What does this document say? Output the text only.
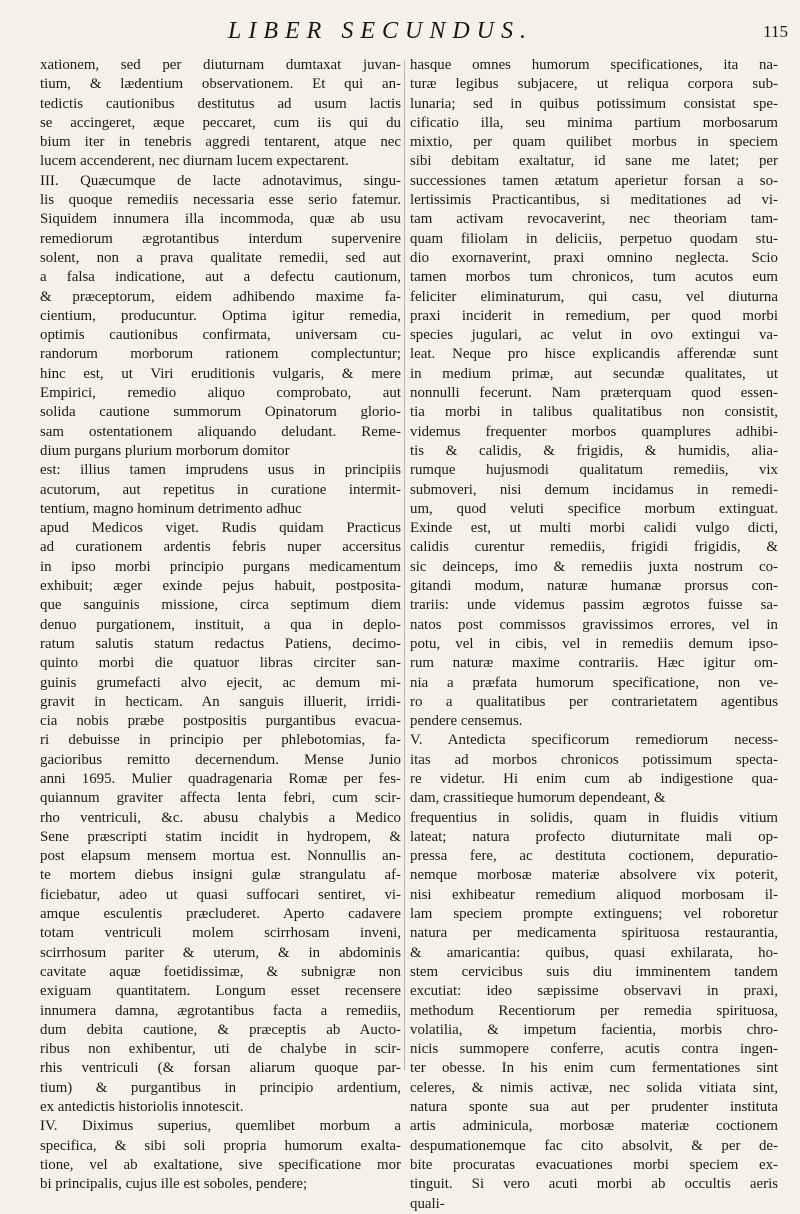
LIBER SECUNDUS.	115
xationem, sed per diuturnam dumtaxat juvan-
tium, & lædentium observationem. Et qui an-
tedictis cautionibus destitutus ad usum lactis
se accingeret, æque peccaret, cum iis qui du
bium iter in tenebris aggredi tentarent, atque nec
lucem accenderent, nec diurnam lucem expectarent.
III. Quæcumque de lacte adnotavimus, singu-
lis quoque remediis necessaria esse serio fatemur.
Siquidem innumera illa incommoda, quæ ab usu
remediorum ægrotantibus interdum supervenire
solent, non a prava qualitate remedii, sed aut
a falsa indicatione, aut a defectu cautionum,
& præceptorum, eidem adhibendo maxime fa-
cientium, producuntur. Optima igitur remedia,
optimis cautionibus confirmata, universam cu-
randorum morborum rationem complectuntur;
hinc est, ut Viri eruditionis vulgaris, & mere
Empirici, remedio aliquo comprobato, aut
solida cautione summorum Opinatorum glorio-
sam ostentationem aliquando deludant. Reme-
dium purgans plurium morborum domitor
est: illius tamen imprudens usus in principiis
acutorum, aut repetitus in curatione intermit-
tentium, magno hominum detrimento adhuc
apud Medicos viget. Rudis quidam Practicus
ad curationem ardentis febris nuper accersitus
in ipso morbi principio purgans medicamentum
exhibuit; æger exinde pejus habuit, postposita-
que sanguinis missione, circa septimum diem
denuo purgationem, instituit, a qua in deplo-
ratum salutis statum redactus Patiens, decimo-
quinto morbi die quatuor libras circiter san-
guinis grumefacti alvo ejecit, ac demum mi-
gravit in hecticam. An sanguis illuerit, irridi-
cia nobis præbe postpositis purgantibus evacua-
ri debuisse in principio per phlebotomias, fa-
gacioribus remitto decernendum. Mense Junio
anni 1695. Mulier quadragenaria Romæ per fes-
quiannum graviter affecta lenta febri, cum scir-
rho ventriculi, &c. abusu chalybis a Medico
Sene præscripti statim incidit in hydropem, &
post elapsum mensem mortua est. Nonnullis an-
te mortem diebus insigni gulæ strangulatu af-
ficiebatur, adeo ut quasi suffocari sentiret, vi-
amque esculentis præcluderet. Aperto cadavere
totam ventriculi molem scirrhosam inveni,
scirrhosum pariter & uterum, & in abdominis
cavitate aquæ foetidissimæ, & subnigræ non
exiguam quantitatem. Longum esset recensere
innumera damna, ægrotantibus facta a remediis,
dum debita cautione, & præceptis ab Aucto-
ribus non exhibentur, uti de chalybe in scir-
rhis ventriculi (& forsan aliarum quoque par-
tium) & purgantibus in principio ardentium,
ex antedictis historiolis innotescit.
IV. Diximus superius, quemlibet morbum a
specifica, & sibi soli propria humorum exalta-
tione, vel ab exaltatione, sive specificatione mor
bi principalis, cujus ille est soboles, pendere;
hasque omnes humorum specificationes, ita na-
turæ legibus subjacere, ut reliqua corpora sub-
lunaria; sed in quibus potissimum consistat spe-
cificatio illa, seu minima partium morbosarum
mixtio, per quam quilibet morbus in speciem
sibi debitam exaltatur, id sane me latet; per
successiones tamen ætatum aperietur forsan a so-
lertissimis Practicantibus, si meditationes ad vi-
tam activam revocaverint, nec theoriam tam-
quam filiolam in deliciis, perpetuo quodam stu-
dio exornaverint, praxi omnino neglecta. Scio
tamen morbos tum chronicos, tum acutos eum
feliciter eliminaturum, qui casu, vel diuturna
praxi inciderit in remedium, per quod morbi
species jugulari, ac velut in ovo extingui va-
leat. Neque pro hisce explicandis afferendæ sunt
in medium primæ, aut secundæ qualitates, ut
nonnulli fecerunt. Nam præterquam quod essen-
tia morbi in talibus qualitatibus non consistit,
videmus frequenter morbos quamplures adhibi-
tis & calidis, & frigidis, & humidis, alia-
rumque hujusmodi qualitatum remediis, vix
submoveri, nisi demum incidamus in remedi-
um, quod veluti specifice morbum extinguat.
Exinde est, ut multi morbi calidi vulgo dicti,
calidis curentur remediis, frigidi frigidis, &
sic deinceps, imo & remediis juxta nostrum co-
gitandi modum, naturæ humanæ prorsus con-
trariis: unde videmus passim ægrotos fuisse sa-
natos post commissos gravissimos errores, vel in
potu, vel in cibis, vel in remediis demum ipso-
rum naturæ maxime contrariis. Hæc igitur om-
nia a præfata humorum specificatione, non ve-
ro a qualitatibus per contrarietatem agentibus
pendere censemus.
V. Antedicta specificorum remediorum necess-
itas ad morbos chronicos potissimum specta-
re videtur. Hi enim cum ab indigestione qua-
dam, crassitieque humorum dependeant, &
frequentius in solidis, quam in fluidis vitium
lateat; natura profecto diuturnitate mali op-
pressa fere, ac destituta coctionem, depuratio-
nemque morbosæ materiæ absolvere vix poterit,
nisi exhibeatur remedium aliquod morbosam il-
lam speciem prompte extinguens; vel roboretur
natura per medicamenta spirituosa restaurantia,
& amaricantia: quibus, quasi exhilarata, ho-
stem cervicibus suis diu imminentem tandem
excutiat: ideo sæpissime observavi in praxi,
methodum Recentiorum per remedia spirituosa,
volatilia, & impetum facientia, morbis chro-
nicis summopere conferre, acutis contra ingen-
ter obesse. In his enim cum fermentationes sint
celeres, & nimis activæ, nec solida vitiata sint,
natura sponte sua aut per prudenter instituta
artis adminicula, morbosæ materiæ coctionem
despumationemque fac cito absolvit, & per de-
bite procuratas evacuationes morbi speciem ex-
tinguit. Si vero acuti morbi ab occultis aeris
quali-
